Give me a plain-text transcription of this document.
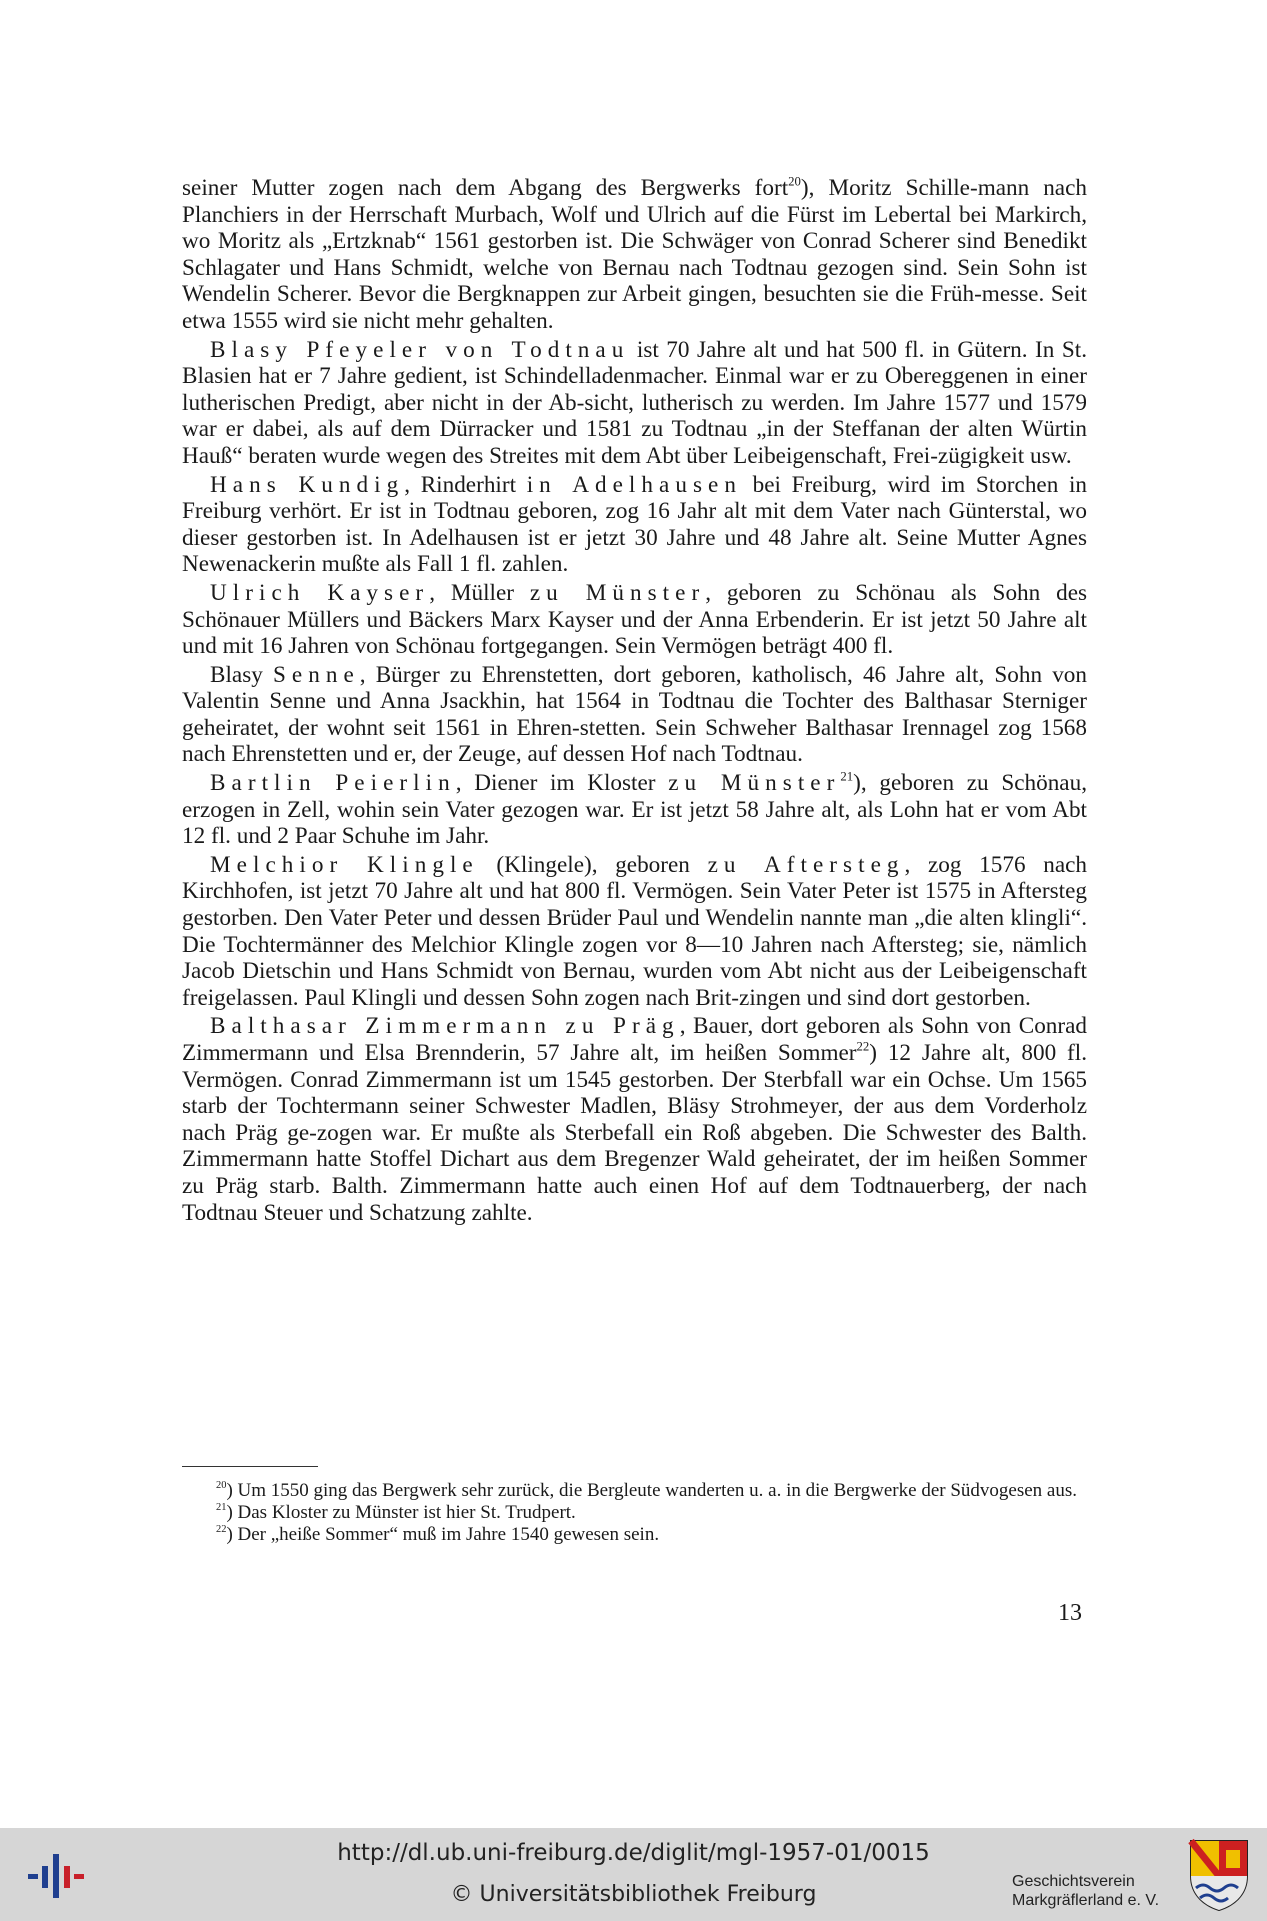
seiner Mutter zogen nach dem Abgang des Bergwerks fort$^{20}$), Moritz Schille-mann nach Planchiers in der Herrschaft Murbach, Wolf und Ulrich auf die Fürst im Lebertal bei Markirch, wo Moritz als „Ertzknab“ 1561 gestorben ist. Die Schwäger von Conrad Scherer sind Benedikt Schlagater und Hans Schmidt, welche von Bernau nach Todtnau gezogen sind. Sein Sohn ist Wendelin Scherer. Bevor die Bergknappen zur Arbeit gingen, besuchten sie die Früh-messe. Seit etwa 1555 wird sie nicht mehr gehalten.

Blasy Pfeyeler von Todtnau ist 70 Jahre alt und hat 500 fl. in Gütern. In St. Blasien hat er 7 Jahre gedient, ist Schindelladenmacher. Einmal war er zu Obereggenen in einer lutherischen Predigt, aber nicht in der Ab-sicht, lutherisch zu werden. Im Jahre 1577 und 1579 war er dabei, als auf dem Dürracker und 1581 zu Todtnau „in der Steffanan der alten Würtin Hauß“ beraten wurde wegen des Streites mit dem Abt über Leibeigenschaft, Frei-zügigkeit usw.

Hans Kundig, Rinderhirt in Adelhausen bei Freiburg, wird im Storchen in Freiburg verhört. Er ist in Todtnau geboren, zog 16 Jahr alt mit dem Vater nach Günterstal, wo dieser gestorben ist. In Adelhausen ist er jetzt 30 Jahre und 48 Jahre alt. Seine Mutter Agnes Newenackerin mußte als Fall 1 fl. zahlen.

Ulrich Kayser, Müller zu Münster, geboren zu Schönau als Sohn des Schönauer Müllers und Bäckers Marx Kayser und der Anna Erbenderin. Er ist jetzt 50 Jahre alt und mit 16 Jahren von Schönau fortgegangen. Sein Vermögen beträgt 400 fl.

Blasy Senne, Bürger zu Ehrenstetten, dort geboren, katholisch, 46 Jahre alt, Sohn von Valentin Senne und Anna Jsackhin, hat 1564 in Todtnau die Tochter des Balthasar Sterniger geheiratet, der wohnt seit 1561 in Ehren-stetten. Sein Schweher Balthasar Irennagel zog 1568 nach Ehrenstetten und er, der Zeuge, auf dessen Hof nach Todtnau.

Bartlin Peierlin, Diener im Kloster zu Münster$^{21}$), geboren zu Schönau, erzogen in Zell, wohin sein Vater gezogen war. Er ist jetzt 58 Jahre alt, als Lohn hat er vom Abt 12 fl. und 2 Paar Schuhe im Jahr.

Melchior Klingle (Klingele), geboren zu Aftersteg, zog 1576 nach Kirchhofen, ist jetzt 70 Jahre alt und hat 800 fl. Vermögen. Sein Vater Peter ist 1575 in Aftersteg gestorben. Den Vater Peter und dessen Brüder Paul und Wendelin nannte man „die alten klingli“. Die Tochtermänner des Melchior Klingle zogen vor 8—10 Jahren nach Aftersteg; sie, nämlich Jacob Dietschin und Hans Schmidt von Bernau, wurden vom Abt nicht aus der Leibeigenschaft freigelassen. Paul Klingli und dessen Sohn zogen nach Brit-zingen und sind dort gestorben.

Balthasar Zimmermann zu Präg, Bauer, dort geboren als Sohn von Conrad Zimmermann und Elsa Brennderin, 57 Jahre alt, im heißen Sommer$^{22}$) 12 Jahre alt, 800 fl. Vermögen. Conrad Zimmermann ist um 1545 gestorben. Der Sterbfall war ein Ochse. Um 1565 starb der Tochtermann seiner Schwester Madlen, Bläsy Strohmeyer, der aus dem Vorderholz nach Präg ge-zogen war. Er mußte als Sterbefall ein Roß abgeben. Die Schwester des Balth. Zimmermann hatte Stoffel Dichart aus dem Bregenzer Wald geheiratet, der im heißen Sommer zu Präg starb. Balth. Zimmermann hatte auch einen Hof auf dem Todtnauerberg, der nach Todtnau Steuer und Schatzung zahlte.

$^{20}$) Um 1550 ging das Bergwerk sehr zurück, die Bergleute wanderten u. a. in die Bergwerke der Südvogesen aus.

$^{21}$) Das Kloster zu Münster ist hier St. Trudpert.

$^{22}$) Der „heiße Sommer“ muß im Jahre 1540 gewesen sein.

13
http://dl.ub.uni-freiburg.de/diglit/mgl-1957-01/0015
© Universitätsbibliothek Freiburg
Geschichtsverein
Markgräflerland e. V.
